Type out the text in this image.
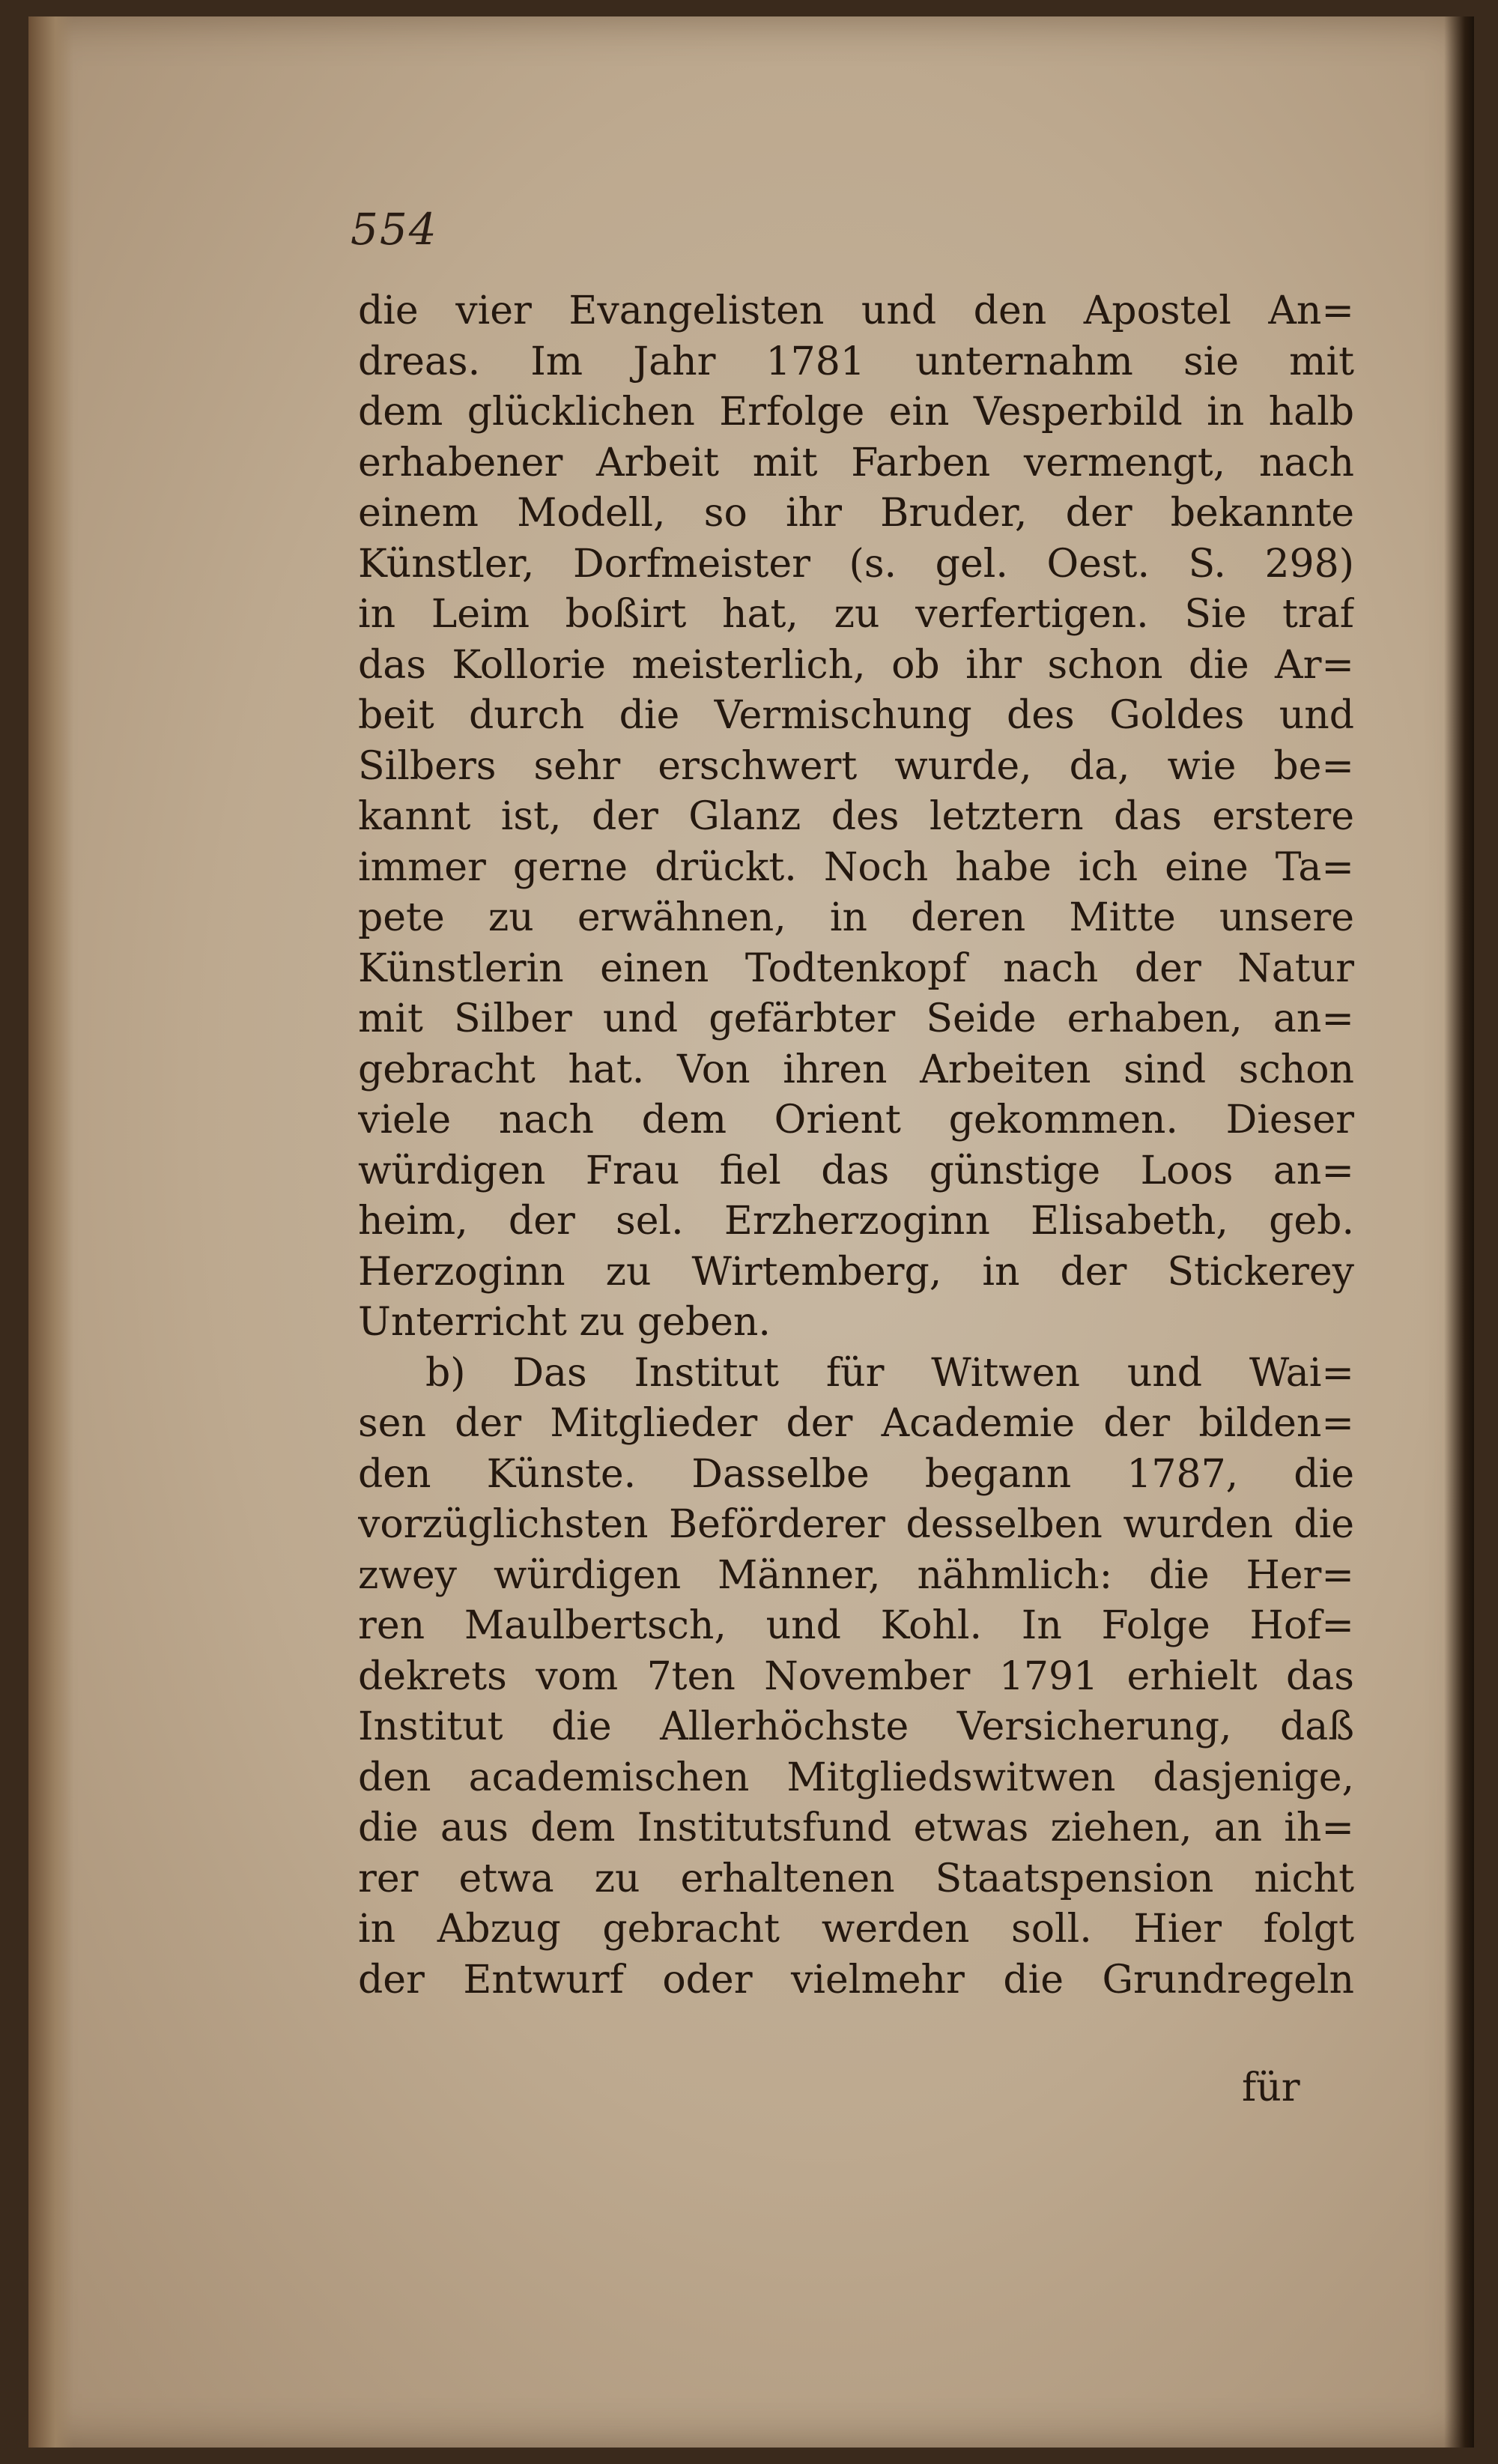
554
die vier Evangelisten und den Apostel An=
dreas. Im Jahr 1781 unternahm sie mit
dem glücklichen Erfolge ein Vesperbild in halb
erhabener Arbeit mit Farben vermengt, nach
einem Modell, so ihr Bruder, der bekannte
Künstler, Dorfmeister (s. gel. Oest. S. 298)
in Leim boßirt hat, zu verfertigen. Sie traf
das Kollorie meisterlich, ob ihr schon die Ar=
beit durch die Vermischung des Goldes und
Silbers sehr erschwert wurde, da, wie be=
kannt ist, der Glanz des letztern das erstere
immer gerne drückt. Noch habe ich eine Ta=
pete zu erwähnen, in deren Mitte unsere
Künstlerin einen Todtenkopf nach der Natur
mit Silber und gefärbter Seide erhaben, an=
gebracht hat. Von ihren Arbeiten sind schon
viele nach dem Orient gekommen. Dieser
würdigen Frau fiel das günstige Loos an=
heim, der sel. Erzherzoginn Elisabeth, geb.
Herzoginn zu Wirtemberg, in der Stickerey
Unterricht zu geben.
b) Das Institut für Witwen und Wai=
sen der Mitglieder der Academie der bilden=
den Künste. Dasselbe begann 1787, die
vorzüglichsten Beförderer desselben wurden die
zwey würdigen Männer, nähmlich: die Her=
ren Maulbertsch, und Kohl. In Folge Hof=
dekrets vom 7ten November 1791 erhielt das
Institut die Allerhöchste Versicherung, daß
den academischen Mitgliedswitwen dasjenige,
die aus dem Institutsfund etwas ziehen, an ih=
rer etwa zu erhaltenen Staatspension nicht
in Abzug gebracht werden soll. Hier folgt
der Entwurf oder vielmehr die Grundregeln
für
